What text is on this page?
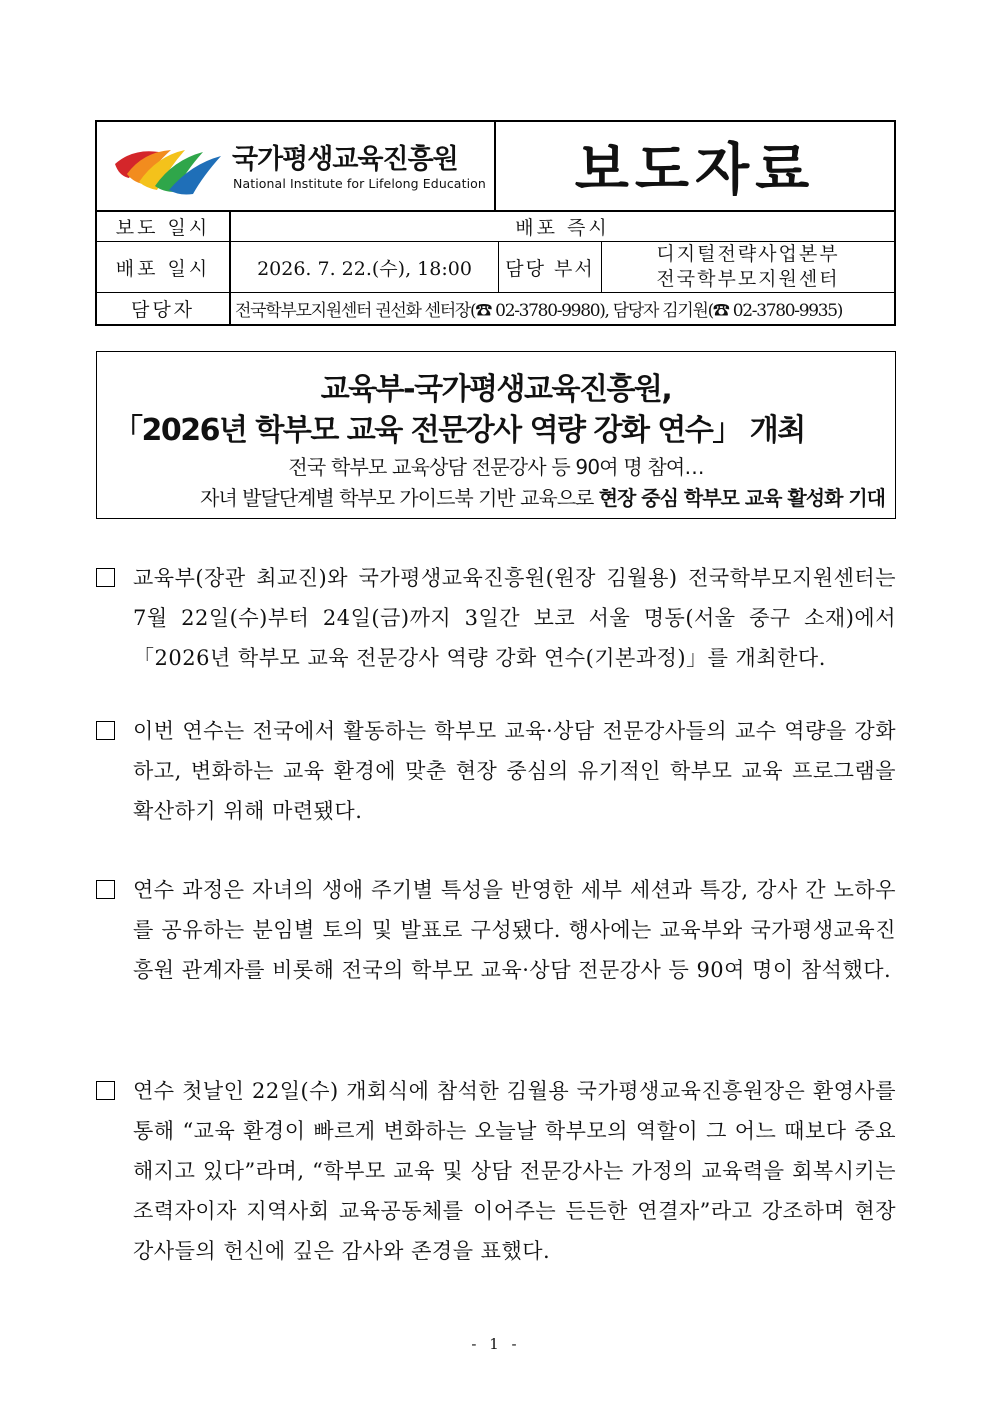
국가평생교육진흥원
National Institute for Lifelong Education 보도자료
보도 일시	배포 즉시
배포 일시	2026. 7. 22.(수), 18:00	담당 부서
디지털전략사업본부
전국학부모지원센터
담당자	전국학부모지원센터 권선화 센터장(☎ 02-3780-9980), 담당자 김기원(☎ 02-3780-9935)
교육부-국가평생교육진흥원,
「2026년 학부모 교육 전문강사 역량 강화 연수」 개최
전국 학부모 교육상담 전문강사 등 90여 명 참여…
자녀 발달단계별 학부모 가이드북 기반 교육으로 현장 중심 학부모 교육 활성화 기대
교육부(장관 최교진)와 국가평생교육진흥원(원장 김월용) 전국학부모지원센터는 7월 22일(수)부터 24일(금)까지 3일간 보코 서울 명동(서울 중구 소재)에서 「2026년 학부모 교육 전문강사 역량 강화 연수(기본과정)」를 개최한다.
이번 연수는 전국에서 활동하는 학부모 교육·상담 전문강사들의 교수 역량을 강화하고, 변화하는 교육 환경에 맞춘 현장 중심의 유기적인 학부모 교육 프로그램을 확산하기 위해 마련됐다.
연수 과정은 자녀의 생애 주기별 특성을 반영한 세부 세션과 특강, 강사 간 노하우를 공유하는 분임별 토의 및 발표로 구성됐다. 행사에는 교육부와 국가평생교육진흥원 관계자를 비롯해 전국의 학부모 교육·상담 전문강사 등 90여 명이 참석했다.
연수 첫날인 22일(수) 개회식에 참석한 김월용 국가평생교육진흥원장은 환영사를 통해 “교육 환경이 빠르게 변화하는 오늘날 학부모의 역할이 그 어느 때보다 중요해지고 있다”라며, “학부모 교육 및 상담 전문강사는 가정의 교육력을 회복시키는 조력자이자 지역사회 교육공동체를 이어주는 든든한 연결자”라고 강조하며 현장 강사들의 헌신에 깊은 감사와 존경을 표했다.
- 1 -
